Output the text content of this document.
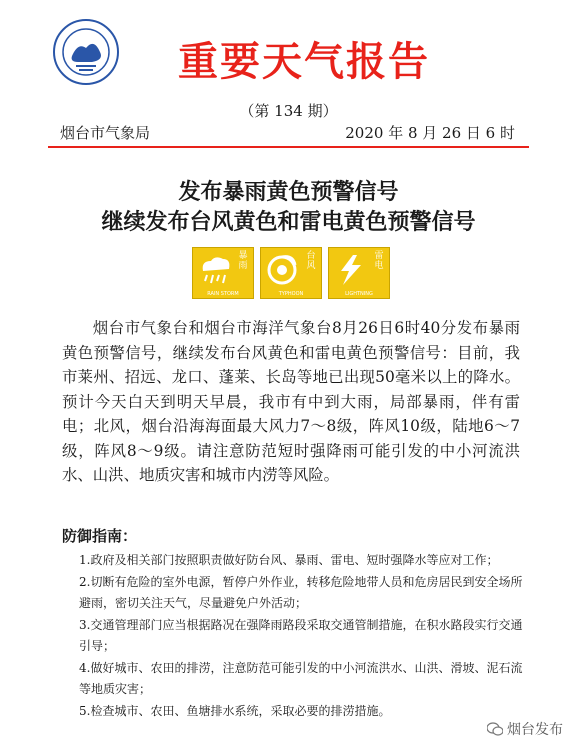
重要天气报告
（第 134 期）
烟台市气象局	2020 年 8 月 26 日 6 时
发布暴雨黄色预警信号
继续发布台风黄色和雷电黄色预警信号
暴雨
RAIN STORM
台风
TYPHOON
雷电
LIGHTNING
烟台市气象台和烟台市海洋气象台8月26日6时40分发布暴雨黄色预警信号，继续发布台风黄色和雷电黄色预警信号：目前，我市莱州、招远、龙口、蓬莱、长岛等地已出现50毫米以上的降水。预计今天白天到明天早晨，我市有中到大雨，局部暴雨，伴有雷电；北风，烟台沿海海面最大风力7～8级，阵风10级，陆地6～7级，阵风8～9级。请注意防范短时强降雨可能引发的中小河流洪水、山洪、地质灾害和城市内涝等风险。
防御指南：
1.政府及相关部门按照职责做好防台风、暴雨、雷电、短时强降水等应对工作；
2.切断有危险的室外电源，暂停户外作业，转移危险地带人员和危房居民到安全场所避雨，密切关注天气，尽量避免户外活动；
3.交通管理部门应当根据路况在强降雨路段采取交通管制措施，在积水路段实行交通引导；
4.做好城市、农田的排涝，注意防范可能引发的中小河流洪水、山洪、滑坡、泥石流等地质灾害；
5.检查城市、农田、鱼塘排水系统，采取必要的排涝措施。
烟台发布
